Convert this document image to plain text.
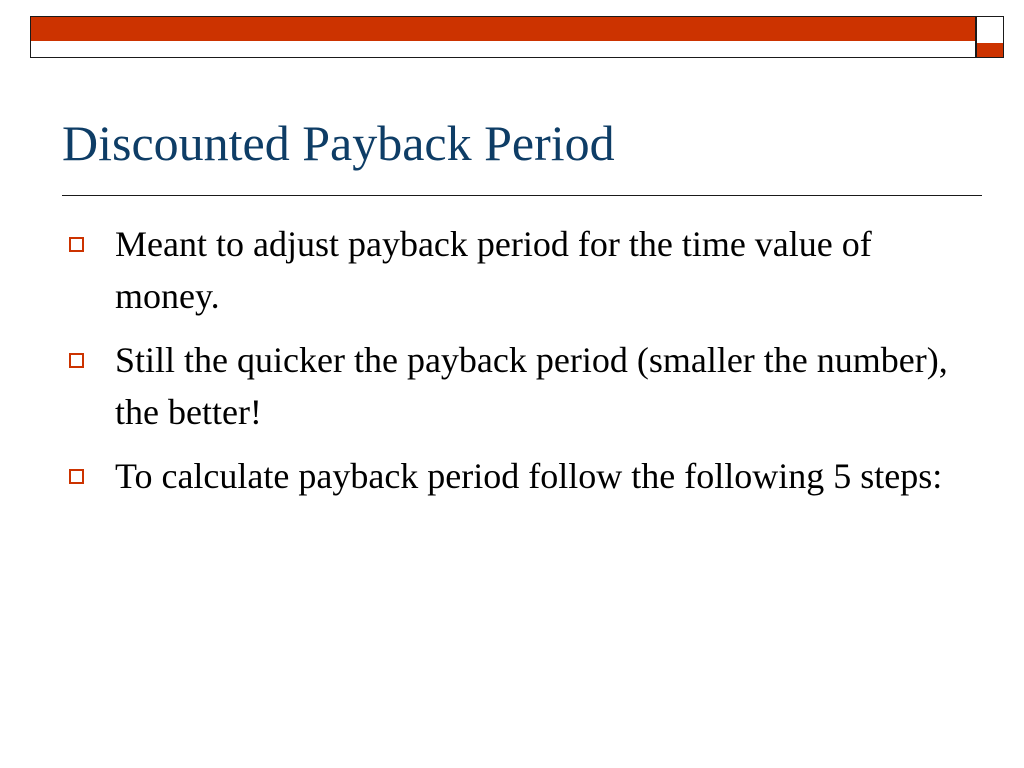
Discounted Payback Period
Meant to adjust payback period for the time value of money.
Still the quicker the payback period (smaller the number), the better!
To calculate payback period follow the following 5 steps:
